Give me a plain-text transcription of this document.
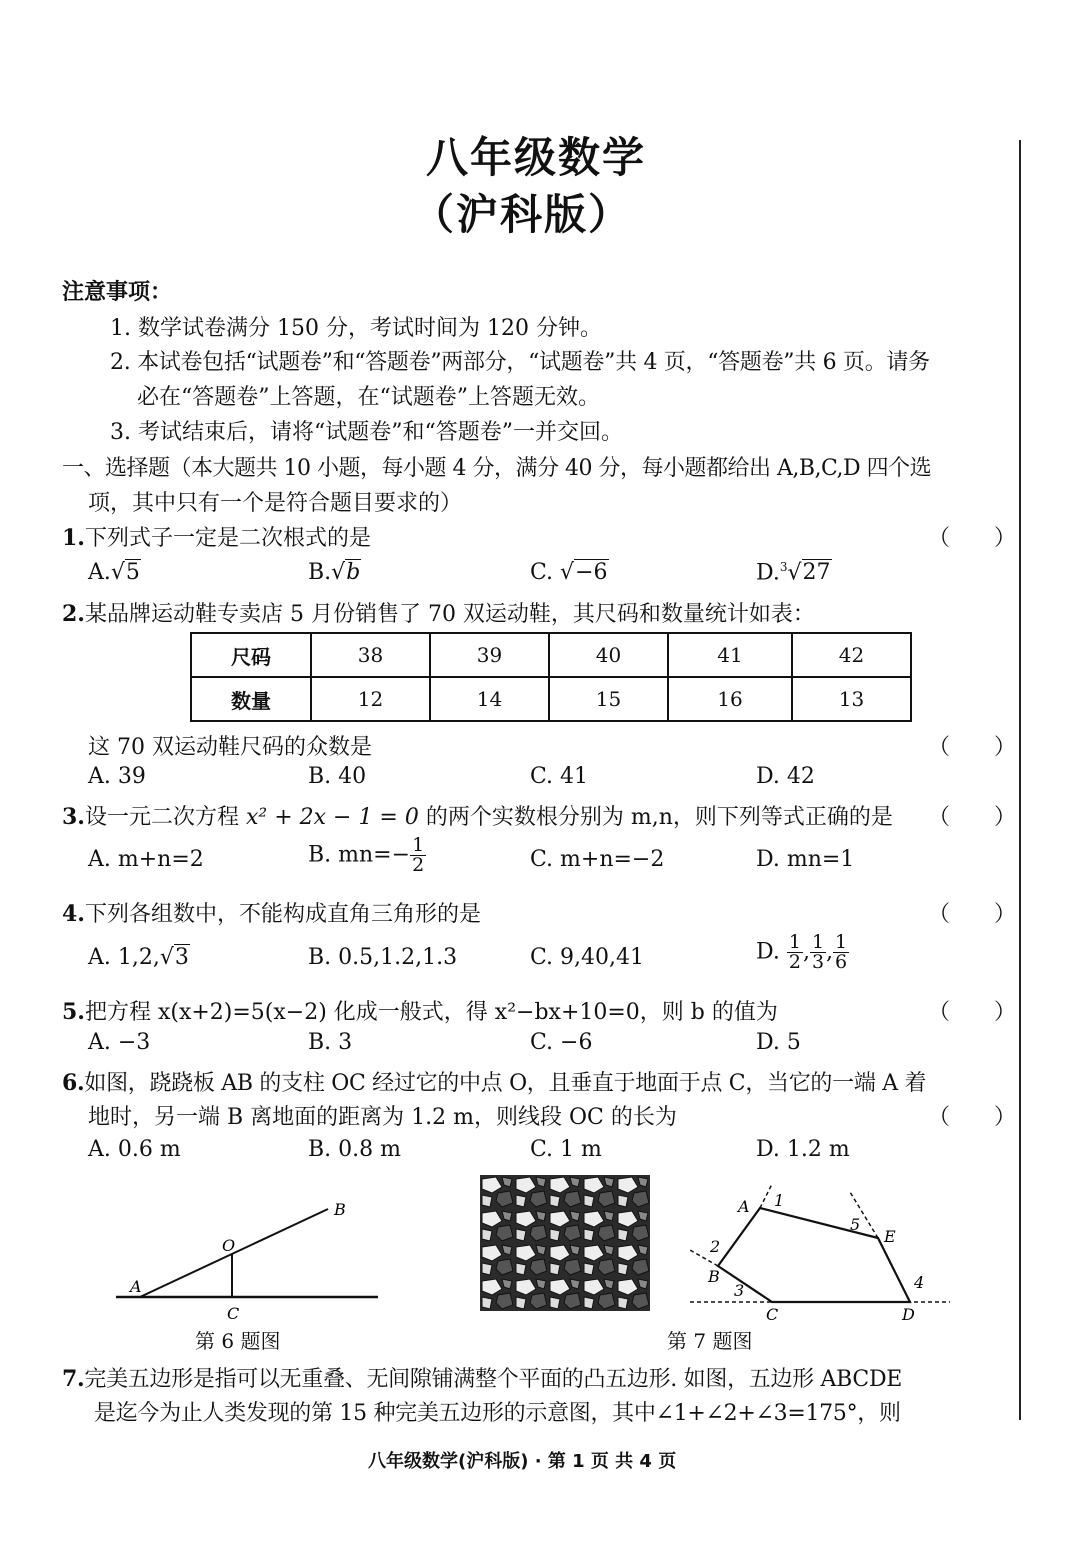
八年级数学
（沪科版）
注意事项：
1. 数学试卷满分 150 分，考试时间为 120 分钟。
2. 本试卷包括“试题卷”和“答题卷”两部分，“试题卷”共 4 页，“答题卷”共 6 页。请务
必在“答题卷”上答题，在“试题卷”上答题无效。
3. 考试结束后，请将“试题卷”和“答题卷”一并交回。
一、选择题（本大题共 10 小题，每小题 4 分，满分 40 分，每小题都给出 A,B,C,D 四个选
项，其中只有一个是符合题目要求的）
1.下列式子一定是二次根式的是	（　　）
A.√5	B.√b	C. √−6	D.$^3$√27
2.某品牌运动鞋专卖店 5 月份销售了 70 双运动鞋，其尺码和数量统计如表：
尺码	38	39	40	41	42
数量	12	14	15	16	13
这 70 双运动鞋尺码的众数是	（　　）
A. 39	B. 40	C. 41	D. 42
3.设一元二次方程 x² + 2x − 1 = 0 的两个实数根分别为 m,n，则下列等式正确的是 （　　）
A. m+n=2	B. $mn=- \frac{1}{2}$	C. m+n=−2	D. mn=1
4.下列各组数中，不能构成直角三角形的是	（　　）
A. 1,2,√3	B. 0.5,1.2,1.3	C. 9,40,41	D. $\frac{1}{2}$ , $\frac{1}{3}$ , $\frac{1}{6}$
5.把方程 x(x+2)=5(x−2) 化成一般式，得 x²−bx+10=0，则 b 的值为	（　　）
A. −3	B. 3	C. −6	D. 5
6.如图，跷跷板 AB 的支柱 OC 经过它的中点 O，且垂直于地面于点 C，当它的一端 A 着
地时，另一端 B 离地面的距离为 1.2 m，则线段 OC 的长为	（　　）
A. 0.6 m	B. 0.8 m	C. 1 m	D. 1.2 m
A
O
B
C
第 6 题图
A 1
2
B
3
C	D
4
E
5
第 7 题图
7.完美五边形是指可以无重叠、无间隙铺满整个平面的凸五边形. 如图，五边形 ABCDE
是迄今为止人类发现的第 15 种完美五边形的示意图，其中∠1+∠2+∠3=175°，则
八年级数学(沪科版) · 第 1 页 共 4 页
